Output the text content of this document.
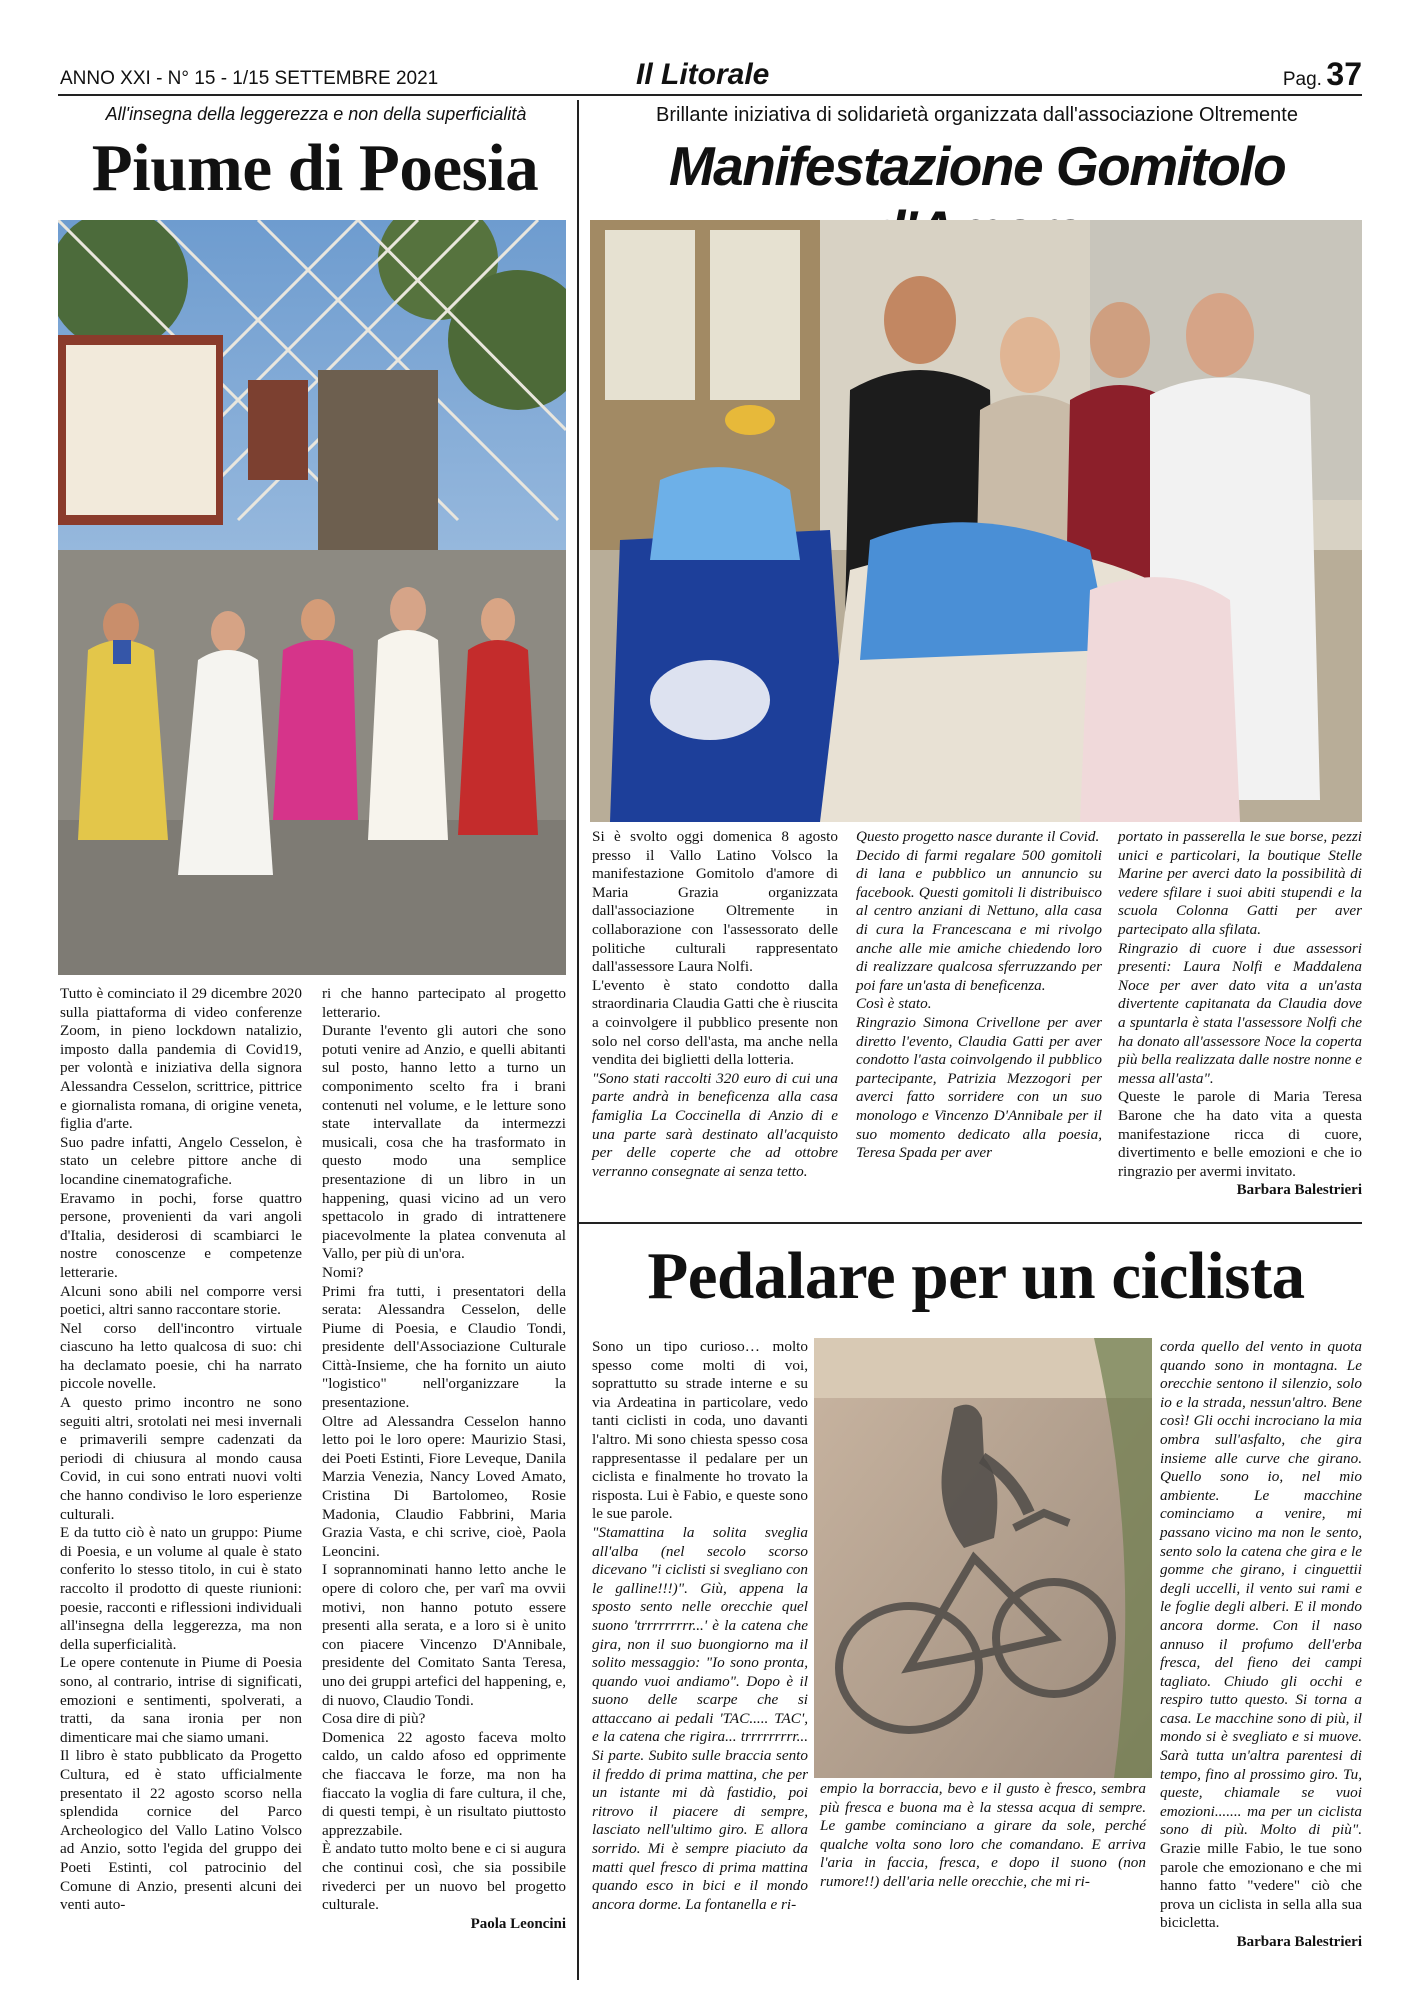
ANNO XXI - N° 15 - 1/15 SETTEMBRE 2021	Il Litorale	Pag. 37
All'insegna della leggerezza e non della superficialità
Piume di Poesia

Tutto è cominciato il 29 dicembre 2020 sulla piattaforma di video conferenze Zoom, in pieno lockdown natalizio, imposto dalla pandemia di Covid19, per volontà e iniziativa della signora Alessandra Cesselon, scrittrice, pittrice e giornalista romana, di origine veneta, figlia d'arte.

Suo padre infatti, Angelo Cesselon, è stato un celebre pittore anche di locandine cinematografiche.

Eravamo in pochi, forse quattro persone, provenienti da vari angoli d'Italia, desiderosi di scambiarci le nostre conoscenze e competenze letterarie.

Alcuni sono abili nel comporre versi poetici, altri sanno raccontare storie.

Nel corso dell'incontro virtuale ciascuno ha letto qualcosa di suo: chi ha declamato poesie, chi ha narrato piccole novelle.

A questo primo incontro ne sono seguiti altri, srotolati nei mesi invernali e primaverili sempre cadenzati da periodi di chiusura al mondo causa Covid, in cui sono entrati nuovi volti che hanno condiviso le loro esperienze culturali.

E da tutto ciò è nato un gruppo: Piume di Poesia, e un volume al quale è stato conferito lo stesso titolo, in cui è stato raccolto il prodotto di queste riunioni: poesie, racconti e riflessioni individuali all'insegna della leggerezza, ma non della superficialità.

Le opere contenute in Piume di Poesia sono, al contrario, intrise di significati, emozioni e sentimenti, spolverati, a tratti, da sana ironia per non dimenticare mai che siamo umani.

Il libro è stato pubblicato da Progetto Cultura, ed è stato ufficialmente presentato il 22 agosto scorso nella splendida cornice del Parco Archeologico del Vallo Latino Volsco ad Anzio, sotto l'egida del gruppo dei Poeti Estinti, col patrocinio del Comune di Anzio, presenti alcuni dei venti auto-

ri che hanno partecipato al progetto letterario.

Durante l'evento gli autori che sono potuti venire ad Anzio, e quelli abitanti sul posto, hanno letto a turno un componimento scelto fra i brani contenuti nel volume, e le letture sono state intervallate da intermezzi musicali, cosa che ha trasformato in questo modo una semplice presentazione di un libro in un happening, quasi vicino ad un vero spettacolo in grado di intrattenere piacevolmente la platea convenuta al Vallo, per più di un'ora.

Nomi?

Primi fra tutti, i presentatori della serata: Alessandra Cesselon, delle Piume di Poesia, e Claudio Tondi, presidente dell'Associazione Culturale Città-Insieme, che ha fornito un aiuto "logistico" nell'organizzare la presentazione.

Oltre ad Alessandra Cesselon hanno letto poi le loro opere: Maurizio Stasi, dei Poeti Estinti, Fiore Leveque, Danila Marzia Venezia, Nancy Loved Amato, Cristina Di Bartolomeo, Rosie Madonia, Claudio Fabbrini, Maria Grazia Vasta, e chi scrive, cioè, Paola Leoncini.

I soprannominati hanno letto anche le opere di coloro che, per varî ma ovvii motivi, non hanno potuto essere presenti alla serata, e a loro si è unito con piacere Vincenzo D'Annibale, presidente del Comitato Santa Teresa, uno dei gruppi artefici del happening, e, di nuovo, Claudio Tondi.

Cosa dire di più?

Domenica 22 agosto faceva molto caldo, un caldo afoso ed opprimente che fiaccava le forze, ma non ha fiaccato la voglia di fare cultura, il che, di questi tempi, è un risultato piuttosto apprezzabile.

È andato tutto molto bene e ci si augura che continui così, che sia possibile rivederci per un nuovo bel progetto culturale.

Paola Leoncini
Brillante iniziativa di solidarietà organizzata dall'associazione Oltremente
Manifestazione Gomitolo

Si è svolto oggi domenica 8 agosto presso il Vallo Latino Volsco la manifestazione Gomitolo d'amore di Maria Grazia organizzata dall'associazione Oltremente in collaborazione con l'assessorato delle politiche culturali rappresentato dall'assessore Laura Nolfi.

L'evento è stato condotto dalla straordinaria Claudia Gatti che è riuscita a coinvolgere il pubblico presente non solo nel corso dell'asta, ma anche nella vendita dei biglietti della lotteria.

"Sono stati raccolti 320 euro di cui una parte andrà in beneficenza alla casa famiglia La Coccinella di Anzio di e una parte sarà destinato all'acquisto per delle coperte che ad ottobre verranno consegnate ai senza tetto.

Questo progetto nasce durante il Covid.

Decido di farmi regalare 500 gomitoli di lana e pubblico un annuncio su facebook. Questi gomitoli li distribuisco al centro anziani di Nettuno, alla casa di cura la Francescana e mi rivolgo anche alle mie amiche chiedendo loro di realizzare qualcosa sferruzzando per poi fare un'asta di beneficenza.

Così è stato.

Ringrazio Simona Crivellone per aver diretto l'evento, Claudia Gatti per aver condotto l'asta coinvolgendo il pubblico partecipante, Patrizia Mezzogori per averci fatto sorridere con un suo monologo e Vincenzo D'Annibale per il suo momento dedicato alla poesia, Teresa Spada per aver

portato in passerella le sue borse, pezzi unici e particolari, la boutique Stelle Marine per averci dato la possibilità di vedere sfilare i suoi abiti stupendi e la scuola Colonna Gatti per aver partecipato alla sfilata.

Ringrazio di cuore i due assessori presenti: Laura Nolfi e Maddalena Noce per aver dato vita a un'asta divertente capitanata da Claudia dove a spuntarla è stata l'assessore Nolfi che ha donato all'assessore Noce la coperta più bella realizzata dalle nostre nonne e messa all'asta".

Queste le parole di Maria Teresa Barone che ha dato vita a questa manifestazione ricca di cuore, divertimento e belle emozioni e che io ringrazio per avermi invitato.

Barbara Balestrieri
Pedalare per un ciclista

Sono un tipo curioso… molto spesso come molti di voi, soprattutto su strade interne e su via Ardeatina in particolare, vedo tanti ciclisti in coda, uno davanti l'altro. Mi sono chiesta spesso cosa rappresentasse il pedalare per un ciclista e finalmente ho trovato la risposta. Lui è Fabio, e queste sono le sue parole.

"Stamattina la solita sveglia all'alba (nel secolo scorso dicevano "i ciclisti si svegliano con le galline!!!)". Giù, appena la sposto sento nelle orecchie quel suono 'trrrrrrrrr...' è la catena che gira, non il suo buongiorno ma il solito messaggio: "Io sono pronta, quando vuoi andiamo". Dopo è il suono delle scarpe che si attaccano ai pedali 'TAC..... TAC', e la catena che rigira... trrrrrrrrr... Si parte. Subito sulle braccia sento il freddo di prima mattina, che per un istante mi dà fastidio, poi ritrovo il piacere di sempre, lasciato nell'ultimo giro. E allora sorrido. Mi è sempre piaciuto da matti quel fresco di prima mattina quando esco in bici e il mondo ancora dorme. La fontanella e ri-

empio la borraccia, bevo e il gusto è fresco, sembra più fresca e buona ma è la stessa acqua di sempre. Le gambe cominciano a girare da sole, perché qualche volta sono loro che comandano. E arriva l'aria in faccia, fresca, e dopo il suono (non rumore!!) dell'aria nelle orecchie, che mi ri-

corda quello del vento in quota quando sono in montagna. Le orecchie sentono il silenzio, solo io e la strada, nessun'altro. Bene così! Gli occhi incrociano la mia ombra sull'asfalto, che gira insieme alle curve che girano. Quello sono io, nel mio ambiente. Le macchine cominciamo a venire, mi passano vicino ma non le sento, sento solo la catena che gira e le gomme che girano, i cinguettii degli uccelli, il vento sui rami e le foglie degli alberi. E il mondo ancora dorme. Con il naso annuso il profumo dell'erba fresca, del fieno dei campi tagliato. Chiudo gli occhi e respiro tutto questo. Si torna a casa. Le macchine sono di più, il mondo si è svegliato e si muove. Sarà tutta un'altra parentesi di tempo, fino al prossimo giro. Tu, queste, chiamale se vuoi emozioni....... ma per un ciclista sono di più. Molto di più". Grazie mille Fabio, le tue sono parole che emozionano e che mi hanno fatto "vedere" ciò che prova un ciclista in sella alla sua bicicletta.

Barbara Balestrieri
